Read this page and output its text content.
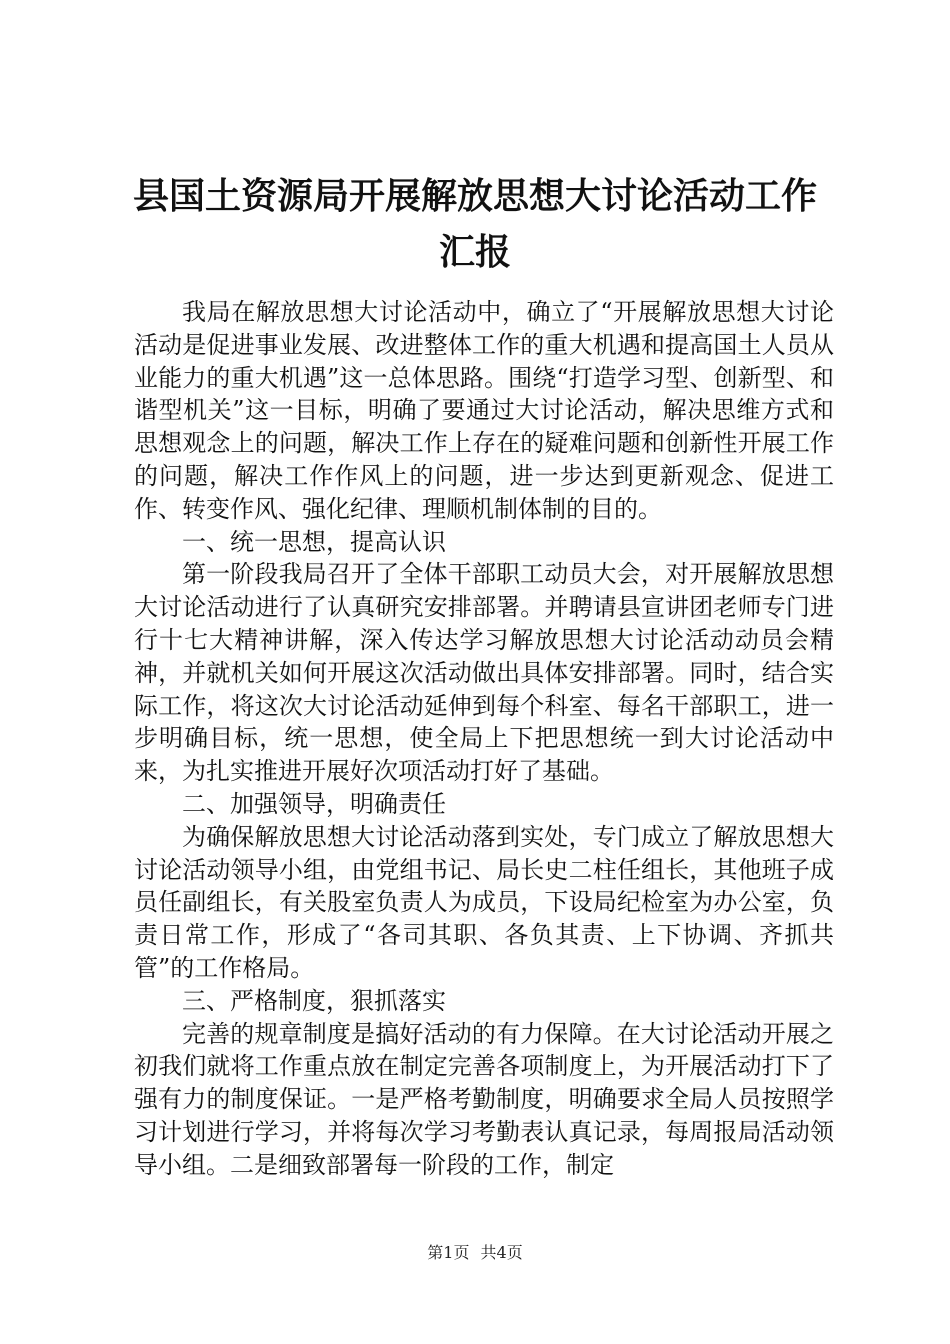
县国土资源局开展解放思想大讨论活动工作汇报

我局在解放思想大讨论活动中，确立了“开展解放思想大讨论活动是促进事业发展、改进整体工作的重大机遇和提高国土人员从业能力的重大机遇”这一总体思路。围绕“打造学习型、创新型、和谐型机关”这一目标，明确了要通过大讨论活动，解决思维方式和思想观念上的问题，解决工作上存在的疑难问题和创新性开展工作的问题，解决工作作风上的问题，进一步达到更新观念、促进工作、转变作风、强化纪律、理顺机制体制的目的。

一、统一思想，提高认识

第一阶段我局召开了全体干部职工动员大会，对开展解放思想大讨论活动进行了认真研究安排部署。并聘请县宣讲团老师专门进行十七大精神讲解，深入传达学习解放思想大讨论活动动员会精神，并就机关如何开展这次活动做出具体安排部署。同时，结合实际工作，将这次大讨论活动延伸到每个科室、每名干部职工，进一步明确目标，统一思想，使全局上下把思想统一到大讨论活动中来，为扎实推进开展好次项活动打好了基础。

二、加强领导，明确责任

为确保解放思想大讨论活动落到实处，专门成立了解放思想大讨论活动领导小组，由党组书记、局长史二柱任组长，其他班子成员任副组长，有关股室负责人为成员，下设局纪检室为办公室，负责日常工作，形成了“各司其职、各负其责、上下协调、齐抓共管”的工作格局。

三、严格制度，狠抓落实

完善的规章制度是搞好活动的有力保障。在大讨论活动开展之初我们就将工作重点放在制定完善各项制度上，为开展活动打下了强有力的制度保证。一是严格考勤制度，明确要求全局人员按照学习计划进行学习，并将每次学习考勤表认真记录，每周报局活动领导小组。二是细致部署每一阶段的工作，制定

第1页 共4页
